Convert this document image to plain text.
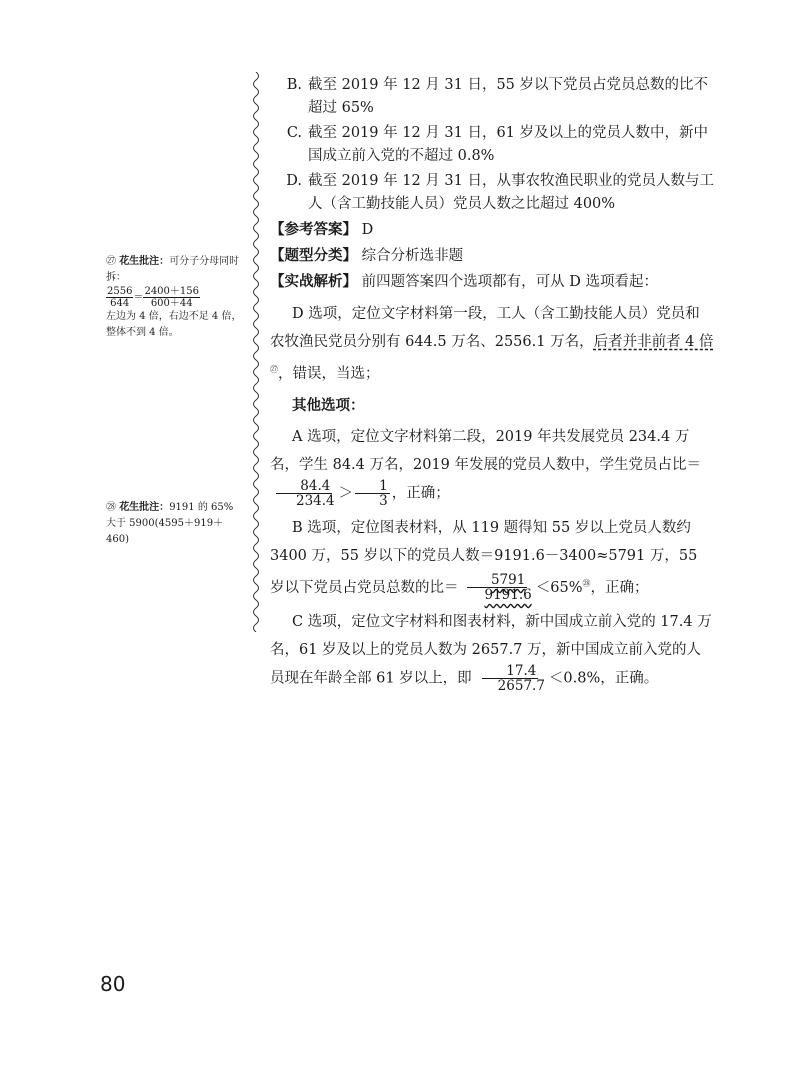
㉗ 花生批注：可分子分母同时拆：

$\frac{2556}{644} = \frac{2400+156}{600+44}$

左边为 4 倍，右边不足 4 倍，整体不到 4 倍。
㉘ 花生批注：9191 的 65% 大于 5900(4595＋919＋460)
B. 截至 2019 年 12 月 31 日，55 岁以下党员占党员总数的比不超过 65%
C. 截至 2019 年 12 月 31 日，61 岁及以上的党员人数中，新中国成立前入党的不超过 0.8%
D. 截至 2019 年 12 月 31 日，从事农牧渔民职业的党员人数与工人（含工勤技能人员）党员人数之比超过 400%
【参考答案】 D
【题型分类】 综合分析选非题
【实战解析】 前四题答案四个选项都有，可从 D 选项看起：
D 选项，定位文字材料第一段，工人（含工勤技能人员）党员和农牧渔民党员分别有 644.5 万名、2556.1 万名，后者并非前者 4 倍$^㉗$，错误，当选；
其他选项：
A 选项，定位文字材料第二段，2019 年共发展党员 234.4 万名，学生 84.4 万名，2019 年发展的党员人数中，学生党员占比＝
$\frac{84.4}{234.4} > \frac{1}{3}$ ，正确；
B 选项，定位图表材料，从 119 题得知 55 岁以上党员人数约 3400 万，55 岁以下的党员人数＝9191.6－3400≈5791 万，55 岁以下党员占党员总数的比＝ $\frac{5791}{9191.6} <65\%^㉘$，正确；
C 选项，定位文字材料和图表材料，新中国成立前入党的 17.4 万名，61 岁及以上的党员人数为 2657.7 万，新中国成立前入党的人员现在年龄全部 61 岁以上，即 $\frac{17.4}{2657.7} <0.8\%$，正确。
80
